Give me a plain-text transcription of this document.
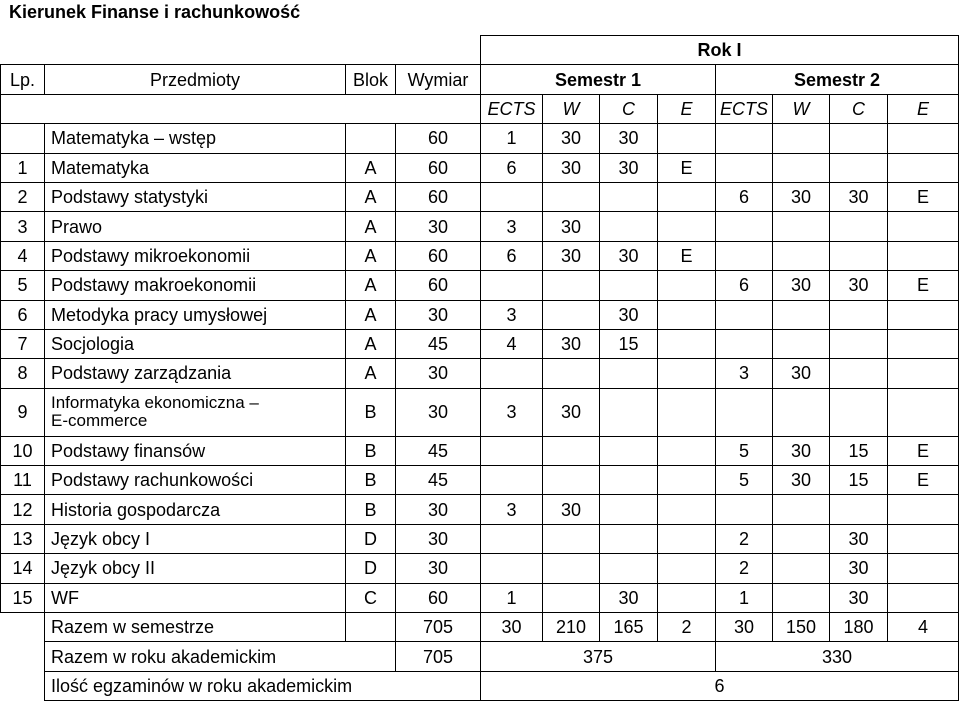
Kierunek Finanse i rachunkowość
				Rok I							
Lp.	Przedmioty	Blok	Wymiar	Semestr 1				Semestr 2			
				ECTS	W	C	E	ECTS	W	C	E
	Matematyka – wstęp		60	1	30	30					
1	Matematyka	A	60	6	30	30	E				
2	Podstawy statystyki	A	60					6	30	30	E
3	Prawo	A	30	3	30						
4	Podstawy mikroekonomii	A	60	6	30	30	E				
5	Podstawy makroekonomii	A	60					6	30	30	E
6	Metodyka pracy umysłowej	A	30	3		30					
7	Socjologia	A	45	4	30	15					
8	Podstawy zarządzania	A	30					3	30		
9	Informatyka ekonomiczna –
E-commerce	B	30	3	30						
10	Podstawy finansów	B	45					5	30	15	E
11	Podstawy rachunkowości	B	45					5	30	15	E
12	Historia gospodarcza	B	30	3	30						
13	Język obcy I	D	30					2		30	
14	Język obcy II	D	30					2		30	
15	WF	C	60	1		30		1		30	
	Razem w semestrze		705	30	210	165	2	30	150	180	4
	Razem w roku akademickim		705	375				330			
	Ilość egzaminów w roku akademickim			6							
